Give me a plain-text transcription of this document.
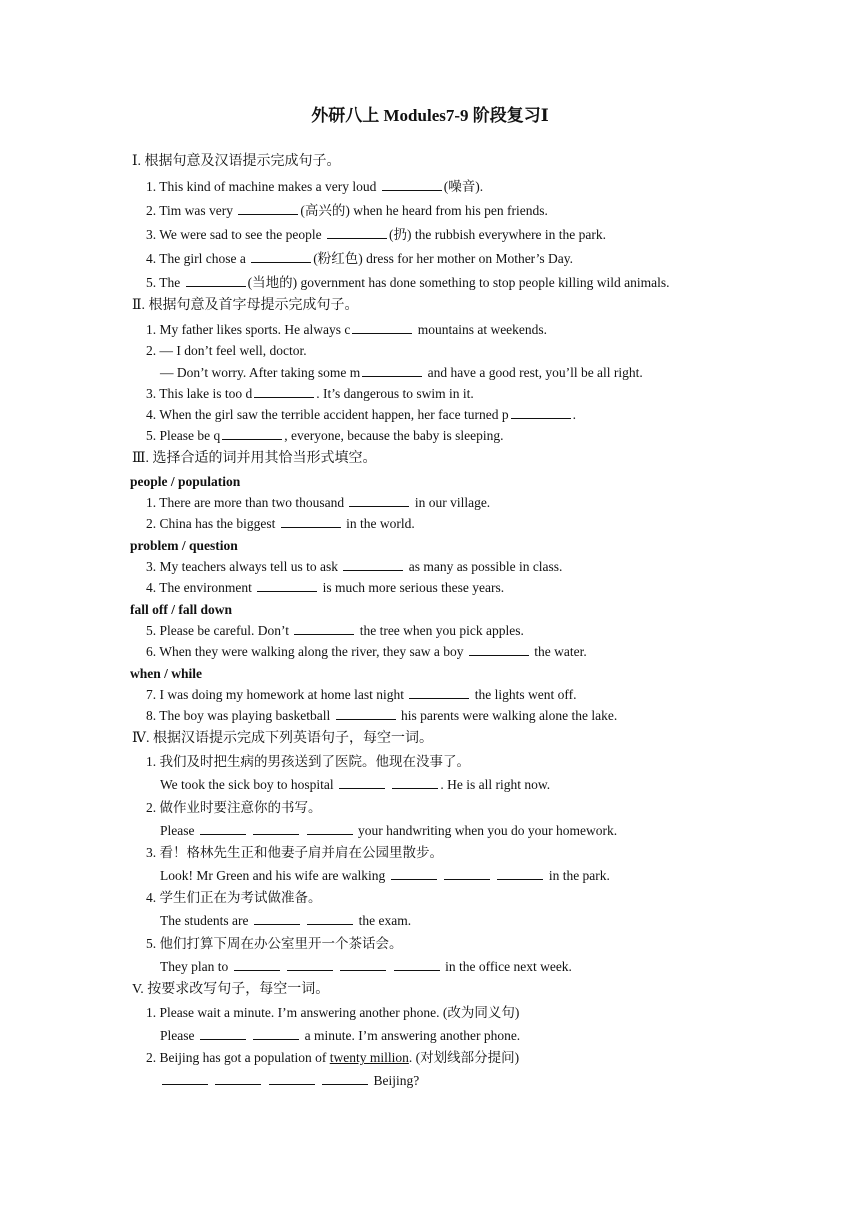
外研八上 Modules7-9 阶段复习Ⅰ
Ⅰ. 根据句意及汉语提示完成句子。
1. This kind of machine makes a very loud	(噪音).
2. Tim was very	(高兴的) when he heard from his pen friends.
3. We were sad to see the people	(扔) the rubbish everywhere in the park.
4. The girl chose a	(粉红色) dress for her mother on Mother’s Day.
5. The	(当地的) government has done something to stop people killing wild animals.
Ⅱ. 根据句意及首字母提示完成句子。
1. My father likes sports. He always c	mountains at weekends.
2. — I don’t feel well, doctor.
— Don’t worry. After taking some m	and have a good rest, you’ll be all right.
3. This lake is too d	. It’s dangerous to swim in it.
4. When the girl saw the terrible accident happen, her face turned p	.
5. Please be q	, everyone, because the baby is sleeping.
Ⅲ. 选择合适的词并用其恰当形式填空。
people / population
1. There are more than two thousand	in our village.
2. China has the biggest	in the world.
problem / question
3. My teachers always tell us to ask	as many as possible in class.
4. The environment	is much more serious these years.
fall off / fall down
5. Please be careful. Don’t	the tree when you pick apples.
6. When they were walking along the river, they saw a boy	the water.
when / while
7. I was doing my homework at home last night	the lights went off.
8. The boy was playing basketball	his parents were walking alone the lake.
Ⅳ. 根据汉语提示完成下列英语句子，每空一词。
1. 我们及时把生病的男孩送到了医院。他现在没事了。
We took the sick boy to hospital	. He is all right now.
2. 做作业时要注意你的书写。
Please	your handwriting when you do your homework.
3. 看！格林先生正和他妻子肩并肩在公园里散步。
Look! Mr Green and his wife are walking	in the park.
4. 学生们正在为考试做准备。
The students are	the exam.
5. 他们打算下周在办公室里开一个茶话会。
They plan to	in the office next week.
V. 按要求改写句子，每空一词。
1. Please wait a minute. I’m answering another phone. (改为同义句)
Please	a minute. I’m answering another phone.
2. Beijing has got a population of twenty million. (对划线部分提问)
Beijing?
